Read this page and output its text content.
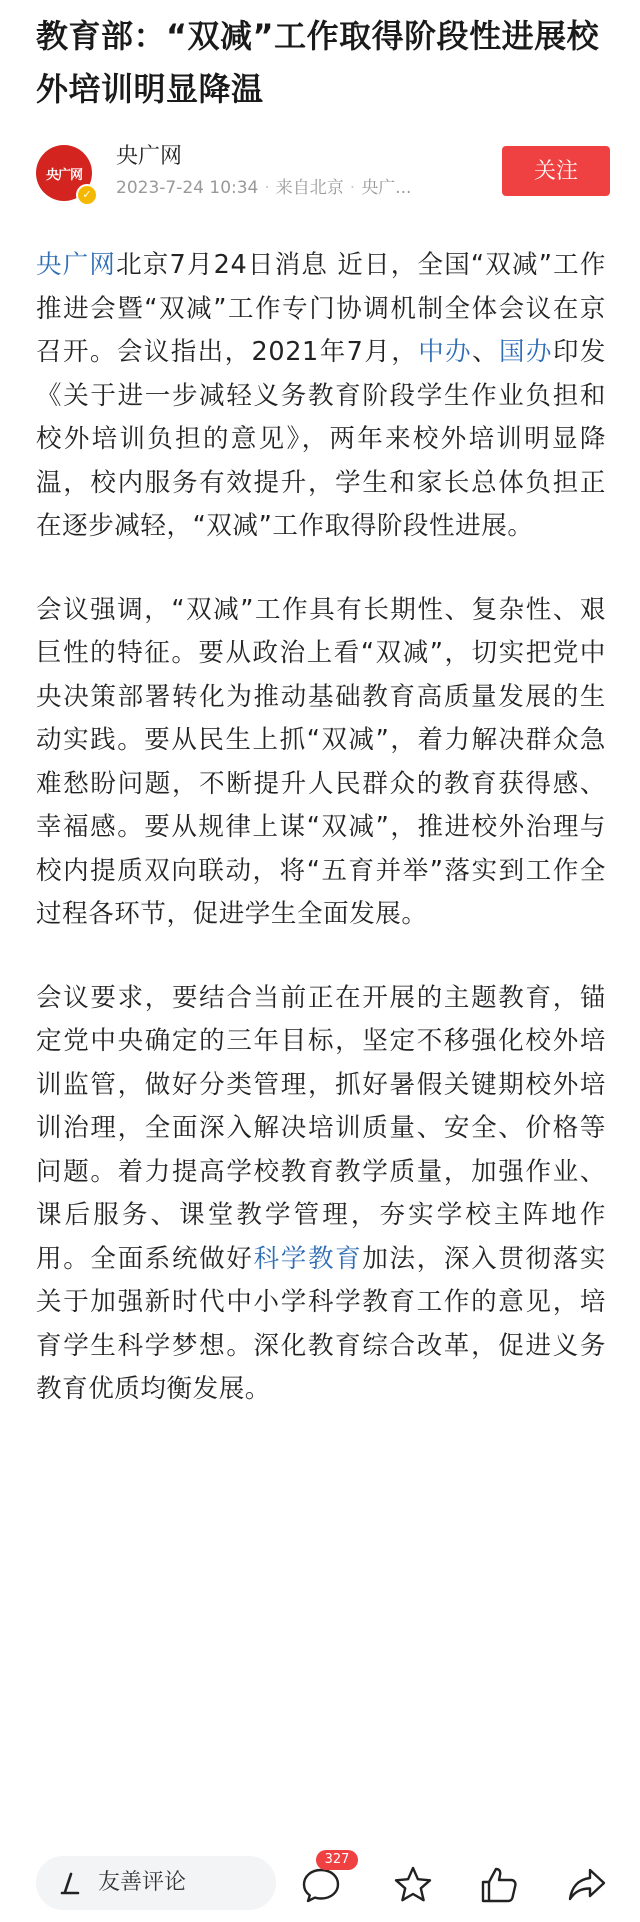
教育部：“双减”工作取得阶段性进展校外培训明显降温
央广网
✓
央广网
2023-7-24 10:34 · 来自北京 · 央广...
关注

央广网北京7月24日消息 近日，全国“双减”工作推进会暨“双减”工作专门协调机制全体会议在京召开。会议指出，2021年7月，中办、国办印发《关于进一步减轻义务教育阶段学生作业负担和校外培训负担的意见》，两年来校外培训明显降温，校内服务有效提升，学生和家长总体负担正在逐步减轻，“双减”工作取得阶段性进展。

会议强调，“双减”工作具有长期性、复杂性、艰巨性的特征。要从政治上看“双减”，切实把党中央决策部署转化为推动基础教育高质量发展的生动实践。要从民生上抓“双减”，着力解决群众急难愁盼问题，不断提升人民群众的教育获得感、幸福感。要从规律上谋“双减”，推进校外治理与校内提质双向联动，将“五育并举”落实到工作全过程各环节，促进学生全面发展。

会议要求，要结合当前正在开展的主题教育，锚定党中央确定的三年目标，坚定不移强化校外培训监管，做好分类管理，抓好暑假关键期校外培训治理，全面深入解决培训质量、安全、价格等问题。着力提高学校教育教学质量，加强作业、课后服务、课堂教学管理，夯实学校主阵地作用。全面系统做好科学教育加法，深入贯彻落实关于加强新时代中小学科学教育工作的意见，培育学生科学梦想。深化教育综合改革，促进义务教育优质均衡发展。

友善评论
327
